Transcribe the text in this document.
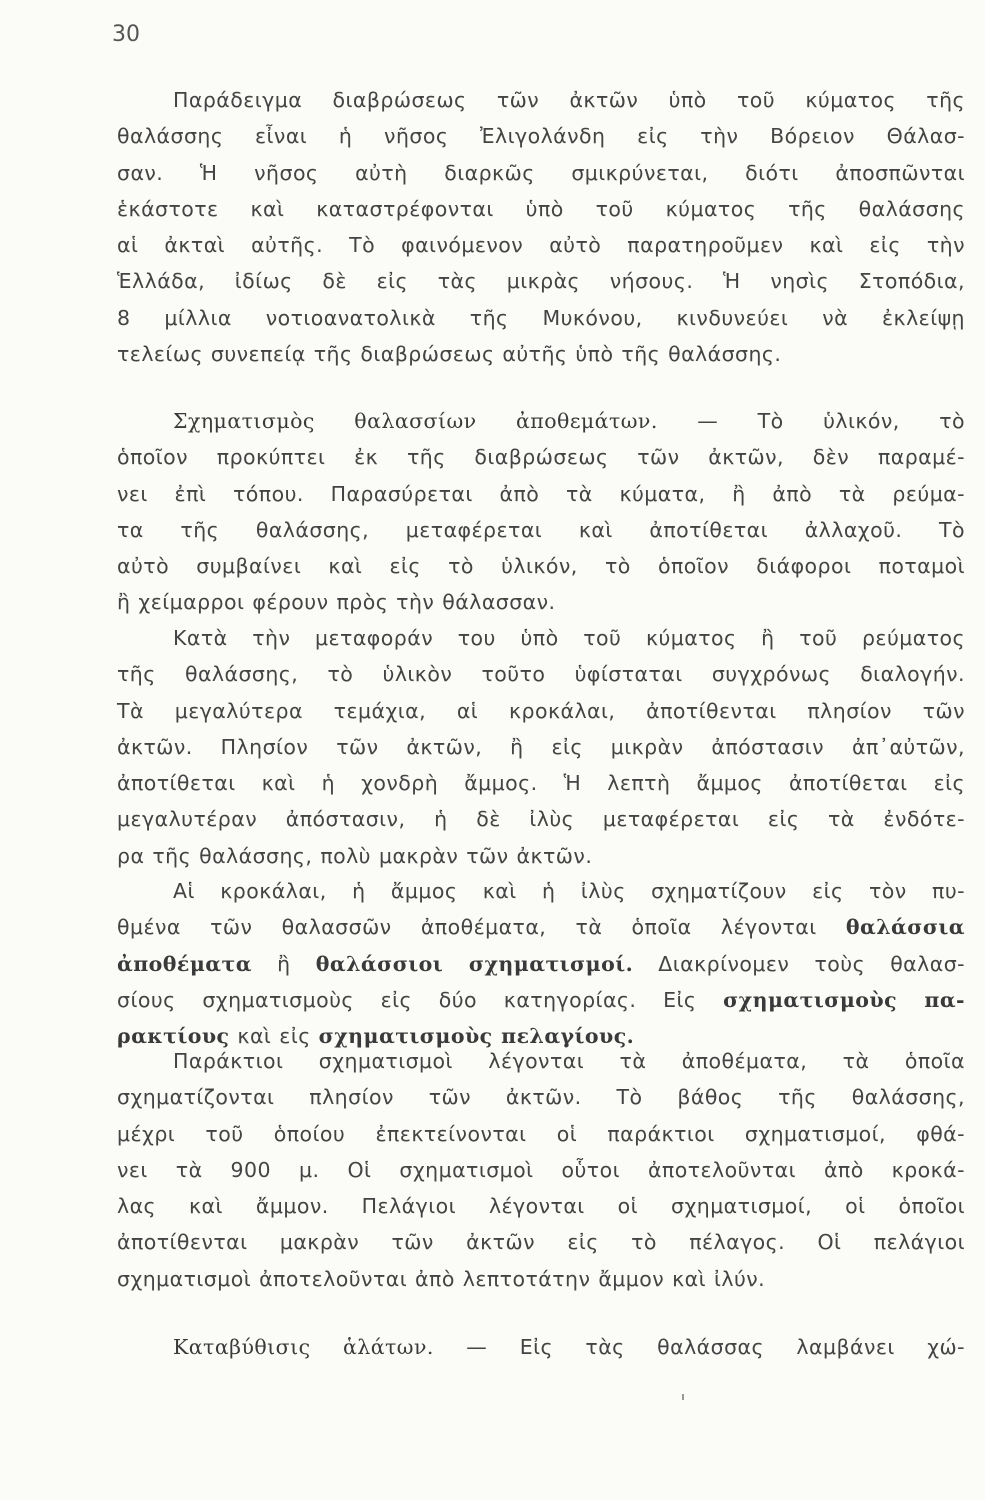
30
Παράδειγμα διαβρώσεως τῶν ἀκτῶν ὑπὸ τοῦ κύματος τῆς
θαλάσσης εἶναι ἡ νῆσος Ἐλιγολάνδη εἰς τὴν Βόρειον Θάλασ-
σαν. Ἡ νῆσος αὐτὴ διαρκῶς σμικρύνεται, διότι ἀποσπῶνται
ἑκάστοτε καὶ καταστρέφονται ὑπὸ τοῦ κύματος τῆς θαλάσσης
αἱ ἀκταὶ αὐτῆς. Τὸ φαινόμενον αὐτὸ παρατηροῦμεν καὶ εἰς τὴν
Ἑλλάδα, ἰδίως δὲ εἰς τὰς μικρὰς νήσους. Ἡ νησὶς Στοπόδια,
8 μίλλια νοτιοανατολικὰ τῆς Μυκόνου, κινδυνεύει νὰ ἐκλείψῃ
τελείως συνεπείᾳ τῆς διαβρώσεως αὐτῆς ὑπὸ τῆς θαλάσσης.
Σχηματισμὸς θαλασσίων ἀποθεμάτων. — Τὸ ὑλικόν, τὸ
ὁποῖον προκύπτει ἐκ τῆς διαβρώσεως τῶν ἀκτῶν, δὲν παραμέ-
νει ἐπὶ τόπου. Παρασύρεται ἀπὸ τὰ κύματα, ἢ ἀπὸ τὰ ρεύμα-
τα τῆς θαλάσσης, μεταφέρεται καὶ ἀποτίθεται ἀλλαχοῦ. Τὸ
αὐτὸ συμβαίνει καὶ εἰς τὸ ὑλικόν, τὸ ὁποῖον διάφοροι ποταμοὶ
ἢ χείμαρροι φέρουν πρὸς τὴν θάλασσαν.
Κατὰ τὴν μεταφοράν του ὑπὸ τοῦ κύματος ἢ τοῦ ρεύματος
τῆς θαλάσσης, τὸ ὑλικὸν τοῦτο ὑφίσταται συγχρόνως διαλογήν.
Τὰ μεγαλύτερα τεμάχια, αἱ κροκάλαι, ἀποτίθενται πλησίον τῶν
ἀκτῶν. Πλησίον τῶν ἀκτῶν, ἢ εἰς μικρὰν ἀπόστασιν ἀπ᾽αὐτῶν,
ἀποτίθεται καὶ ἡ χονδρὴ ἄμμος. Ἡ λεπτὴ ἄμμος ἀποτίθεται εἰς
μεγαλυτέραν ἀπόστασιν, ἡ δὲ ἰλὺς μεταφέρεται εἰς τὰ ἐνδότε-
ρα τῆς θαλάσσης, πολὺ μακρὰν τῶν ἀκτῶν.
Αἱ κροκάλαι, ἡ ἄμμος καὶ ἡ ἰλὺς σχηματίζουν εἰς τὸν πυ-
θμένα τῶν θαλασσῶν ἀποθέματα, τὰ ὁποῖα λέγονται θαλάσσια
ἀποθέματα ἢ θαλάσσιοι σχηματισμοί. Διακρίνομεν τοὺς θαλασ-
σίους σχηματισμοὺς εἰς δύο κατηγορίας. Εἰς σχηματισμοὺς πα-
ρακτίους καὶ εἰς σχηματισμοὺς πελαγίους.
Παράκτιοι σχηματισμοὶ λέγονται τὰ ἀποθέματα, τὰ ὁποῖα
σχηματίζονται πλησίον τῶν ἀκτῶν. Τὸ βάθος τῆς θαλάσσης,
μέχρι τοῦ ὁποίου ἐπεκτείνονται οἱ παράκτιοι σχηματισμοί, φθά-
νει τὰ 900 μ. Οἱ σχηματισμοὶ οὗτοι ἀποτελοῦνται ἀπὸ κροκά-
λας καὶ ἄμμον. Πελάγιοι λέγονται οἱ σχηματισμοί, οἱ ὁποῖοι
ἀποτίθενται μακρὰν τῶν ἀκτῶν εἰς τὸ πέλαγος. Οἱ πελάγιοι
σχηματισμοὶ ἀποτελοῦνται ἀπὸ λεπτοτάτην ἄμμον καὶ ἰλύν.
Καταβύθισις ἁλάτων. — Εἰς τὰς θαλάσσας λαμβάνει χώ-
